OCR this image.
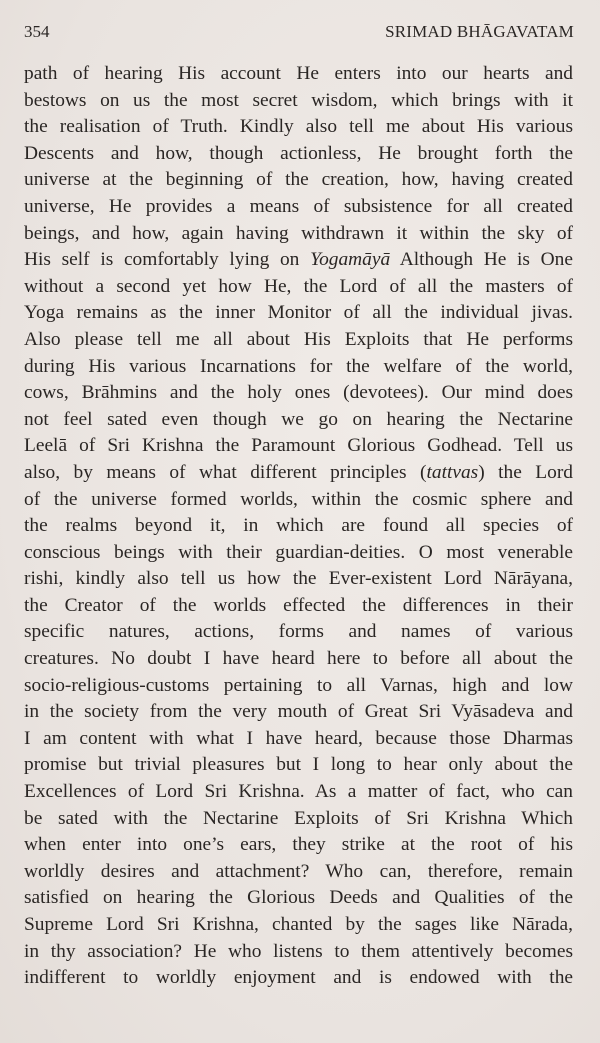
354	SRIMAD BHĀGAVATAM
path of hearing His account He enters into our hearts and
bestows on us the most secret wisdom, which brings with it
the realisation of Truth. Kindly also tell me about His various
Descents and how, though actionless, He brought forth the
universe at the beginning of the creation, how, having created
universe, He provides a means of subsistence for all created
beings, and how, again having withdrawn it within the sky of
His self is comfortably lying on Yogamāyā Although He is One
without a second yet how He, the Lord of all the masters of
Yoga remains as the inner Monitor of all the individual jivas.
Also please tell me all about His Exploits that He performs
during His various Incarnations for the welfare of the world,
cows, Brāhmins and the holy ones (devotees). Our mind does
not feel sated even though we go on hearing the Nectarine
Leelā of Sri Krishna the Paramount Glorious Godhead. Tell us
also, by means of what different principles (tattvas) the Lord
of the universe formed worlds, within the cosmic sphere and
the realms beyond it, in which are found all species of
conscious beings with their guardian-deities. O most venerable
rishi, kindly also tell us how the Ever-existent Lord Nārāyana,
the Creator of the worlds effected the differences in their
specific natures, actions, forms and names of various
creatures. No doubt I have heard here to before all about the
socio-religious-customs pertaining to all Varnas, high and low
in the society from the very mouth of Great Sri Vyāsadeva and
I am content with what I have heard, because those Dharmas
promise but trivial pleasures but I long to hear only about the
Excellences of Lord Sri Krishna. As a matter of fact, who can
be sated with the Nectarine Exploits of Sri Krishna Which
when enter into one’s ears, they strike at the root of his
worldly desires and attachment? Who can, therefore, remain
satisfied on hearing the Glorious Deeds and Qualities of the
Supreme Lord Sri Krishna, chanted by the sages like Nārada,
in thy association? He who listens to them attentively becomes
indifferent to worldly enjoyment and is endowed with the
